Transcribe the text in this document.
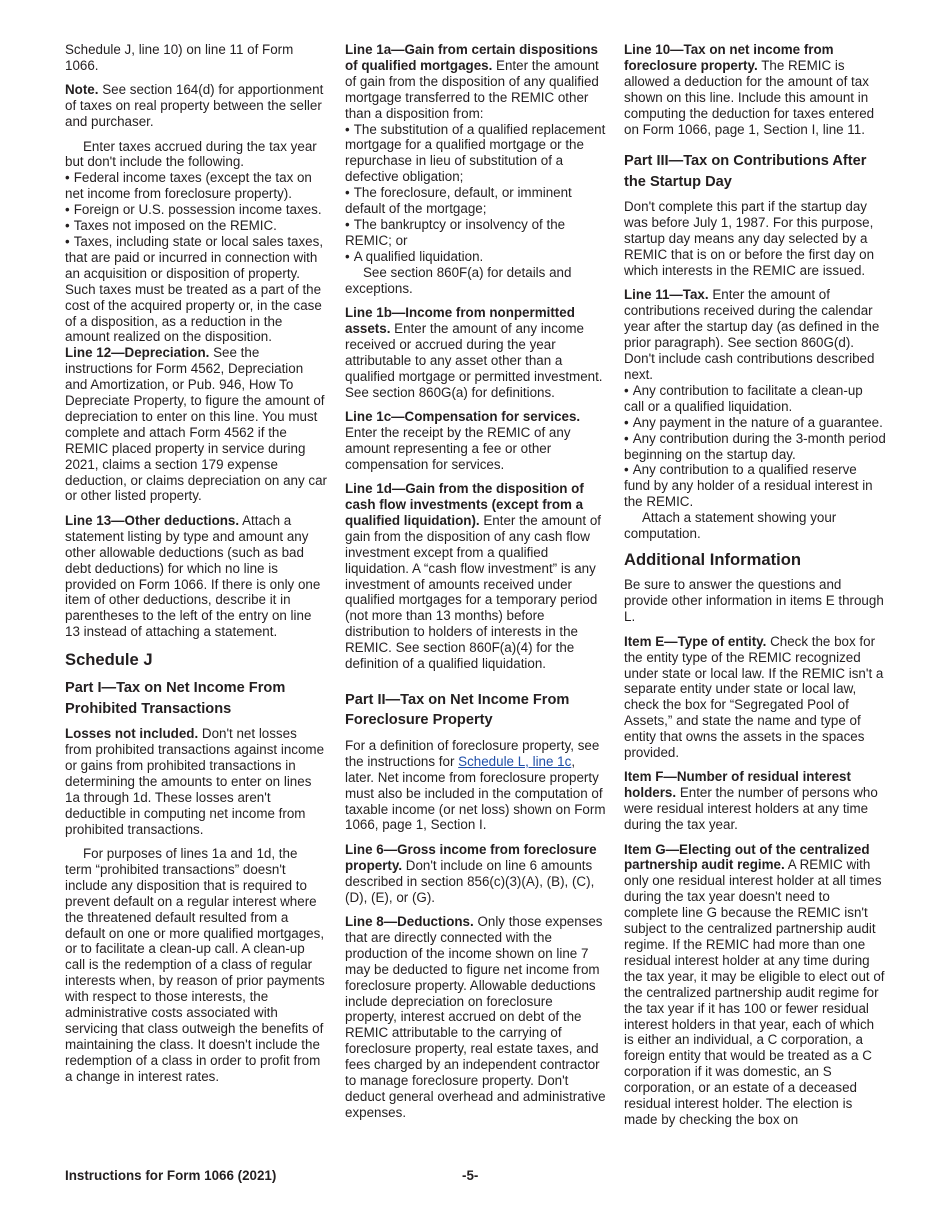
Schedule J, line 10) on line 11 of Form 1066.
Note. See section 164(d) for apportionment of taxes on real property between the seller and purchaser.
Enter taxes accrued during the tax year but don't include the following.
• Federal income taxes (except the tax on net income from foreclosure property).
• Foreign or U.S. possession income taxes.
• Taxes not imposed on the REMIC.
• Taxes, including state or local sales taxes, that are paid or incurred in connection with an acquisition or disposition of property. Such taxes must be treated as a part of the cost of the acquired property or, in the case of a disposition, as a reduction in the amount realized on the disposition.
Line 12—Depreciation. See the instructions for Form 4562, Depreciation and Amortization, or Pub. 946, How To Depreciate Property, to figure the amount of depreciation to enter on this line. You must complete and attach Form 4562 if the REMIC placed property in service during 2021, claims a section 179 expense deduction, or claims depreciation on any car or other listed property.
Line 13—Other deductions. Attach a statement listing by type and amount any other allowable deductions (such as bad debt deductions) for which no line is provided on Form 1066. If there is only one item of other deductions, describe it in parentheses to the left of the entry on line 13 instead of attaching a statement.
Schedule J
Part I—Tax on Net Income From Prohibited Transactions
Losses not included. Don't net losses from prohibited transactions against income or gains from prohibited transactions in determining the amounts to enter on lines 1a through 1d. These losses aren't deductible in computing net income from prohibited transactions.
For purposes of lines 1a and 1d, the term “prohibited transactions” doesn't include any disposition that is required to prevent default on a regular interest where the threatened default resulted from a default on one or more qualified mortgages, or to facilitate a clean-up call. A clean-up call is the redemption of a class of regular interests when, by reason of prior payments with respect to those interests, the administrative costs associated with servicing that class outweigh the benefits of maintaining the class. It doesn't include the redemption of a class in order to profit from a change in interest rates.
Line 1a—Gain from certain dispositions of qualified mortgages. Enter the amount of gain from the disposition of any qualified mortgage transferred to the REMIC other than a disposition from:
• The substitution of a qualified replacement mortgage for a qualified mortgage or the repurchase in lieu of substitution of a defective obligation;
• The foreclosure, default, or imminent default of the mortgage;
• The bankruptcy or insolvency of the REMIC; or
• A qualified liquidation.
See section 860F(a) for details and exceptions.
Line 1b—Income from nonpermitted assets. Enter the amount of any income received or accrued during the year attributable to any asset other than a qualified mortgage or permitted investment. See section 860G(a) for definitions.
Line 1c—Compensation for services. Enter the receipt by the REMIC of any amount representing a fee or other compensation for services.
Line 1d—Gain from the disposition of cash flow investments (except from a qualified liquidation). Enter the amount of gain from the disposition of any cash flow investment except from a qualified liquidation. A “cash flow investment” is any investment of amounts received under qualified mortgages for a temporary period (not more than 13 months) before distribution to holders of interests in the REMIC. See section 860F(a)(4) for the definition of a qualified liquidation.
Part II—Tax on Net Income From Foreclosure Property
For a definition of foreclosure property, see the instructions for Schedule L, line 1c, later. Net income from foreclosure property must also be included in the computation of taxable income (or net loss) shown on Form 1066, page 1, Section I.
Line 6—Gross income from foreclosure property. Don't include on line 6 amounts described in section 856(c)(3)(A), (B), (C), (D), (E), or (G).
Line 8—Deductions. Only those expenses that are directly connected with the production of the income shown on line 7 may be deducted to figure net income from foreclosure property. Allowable deductions include depreciation on foreclosure property, interest accrued on debt of the REMIC attributable to the carrying of foreclosure property, real estate taxes, and fees charged by an independent contractor to manage foreclosure property. Don't deduct general overhead and administrative expenses.
Line 10—Tax on net income from foreclosure property. The REMIC is allowed a deduction for the amount of tax shown on this line. Include this amount in computing the deduction for taxes entered on Form 1066, page 1, Section I, line 11.
Part III—Tax on Contributions After the Startup Day
Don't complete this part if the startup day was before July 1, 1987. For this purpose, startup day means any day selected by a REMIC that is on or before the first day on which interests in the REMIC are issued.
Line 11—Tax. Enter the amount of contributions received during the calendar year after the startup day (as defined in the prior paragraph). See section 860G(d). Don't include cash contributions described next.
• Any contribution to facilitate a clean-up call or a qualified liquidation.
• Any payment in the nature of a guarantee.
• Any contribution during the 3-month period beginning on the startup day.
• Any contribution to a qualified reserve fund by any holder of a residual interest in the REMIC.
Attach a statement showing your computation.
Additional Information
Be sure to answer the questions and provide other information in items E through L.
Item E—Type of entity. Check the box for the entity type of the REMIC recognized under state or local law. If the REMIC isn't a separate entity under state or local law, check the box for “Segregated Pool of Assets,” and state the name and type of entity that owns the assets in the spaces provided.
Item F—Number of residual interest holders. Enter the number of persons who were residual interest holders at any time during the tax year.
Item G—Electing out of the centralized partnership audit regime. A REMIC with only one residual interest holder at all times during the tax year doesn't need to complete line G because the REMIC isn't subject to the centralized partnership audit regime. If the REMIC had more than one residual interest holder at any time during the tax year, it may be eligible to elect out of the centralized partnership audit regime for the tax year if it has 100 or fewer residual interest holders in that year, each of which is either an individual, a C corporation, a foreign entity that would be treated as a C corporation if it was domestic, an S corporation, or an estate of a deceased residual interest holder. The election is made by checking the box on
Instructions for Form 1066 (2021)	-5-
